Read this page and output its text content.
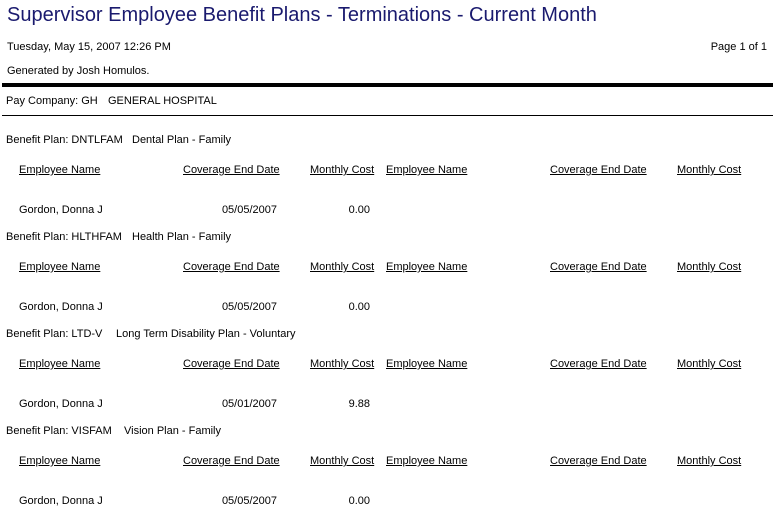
Supervisor Employee Benefit Plans - Terminations - Current Month
Tuesday, May 15, 2007 12:26 PM	Page 1 of 1
Generated by Josh Homulos.
Pay Company: GH GENERAL HOSPITAL
Benefit Plan: DNTLFAM Dental Plan - Family
Employee Name	Coverage End Date	Monthly Cost Employee Name	Coverage End Date	Monthly Cost
Gordon, Donna J	05/05/2007	0.00
Benefit Plan: HLTHFAM Health Plan - Family
Employee Name	Coverage End Date	Monthly Cost Employee Name	Coverage End Date	Monthly Cost
Gordon, Donna J	05/05/2007	0.00
Benefit Plan: LTD-V Long Term Disability Plan - Voluntary
Employee Name	Coverage End Date	Monthly Cost Employee Name	Coverage End Date	Monthly Cost
Gordon, Donna J	05/01/2007	9.88
Benefit Plan: VISFAM Vision Plan - Family
Employee Name	Coverage End Date	Monthly Cost Employee Name	Coverage End Date	Monthly Cost
Gordon, Donna J	05/05/2007	0.00
